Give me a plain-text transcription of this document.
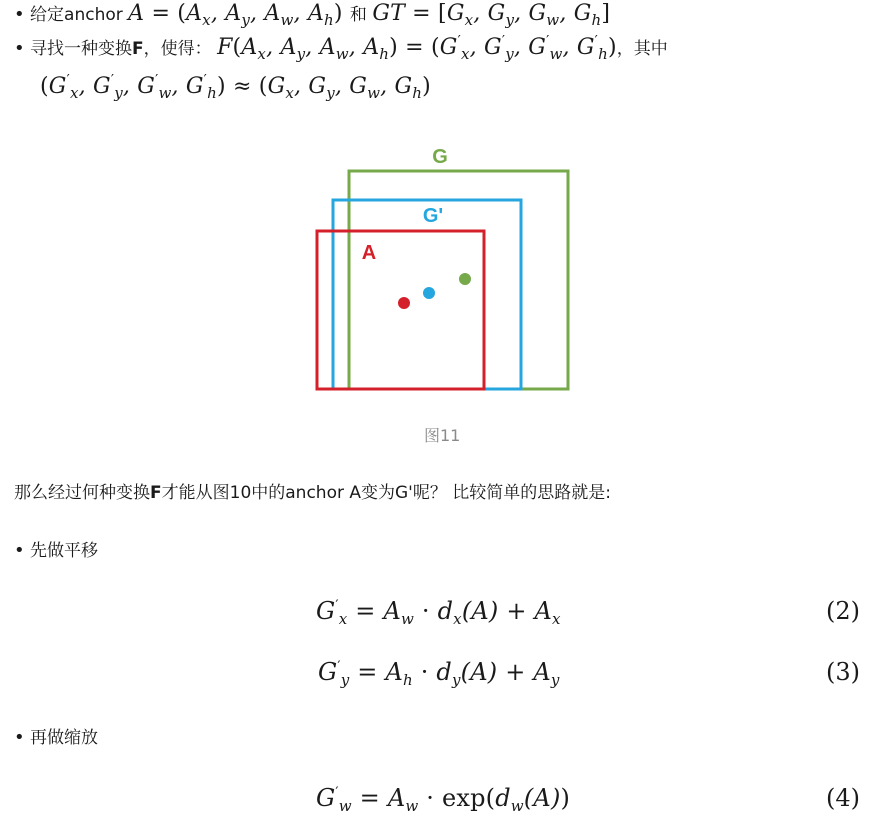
• 给定anchor $A = (A_x$, $A_y$, $A_w$, $A_h$) 和 GT = [$G_x$, $G_y$, $G_w$, $G_h$]
• 寻找一种变换F，使得： $F(A_x$, $A_y$, $A_w$, $A_h) = (G'_x$, $G'_y$, $G'_w$, $G'_h$)，其中
($G'_x$, $G'_y$, $G'_w$, $G'_h) \approx (G_x$, $G_y$, $G_w$, $G_h$)
G
G'
A
图11
那么经过何种变换F才能从图10中的anchor A变为G'呢？ 比较简单的思路就是:
• 先做平移
$G'_x = A_w \cdot d_x(A) + A_x$	(2)
$G'_y = A_h \cdot d_y(A) + A_y$	(3)
• 再做缩放
$G'_w = A_w \cdot \exp(d_w(A))$	(4)
